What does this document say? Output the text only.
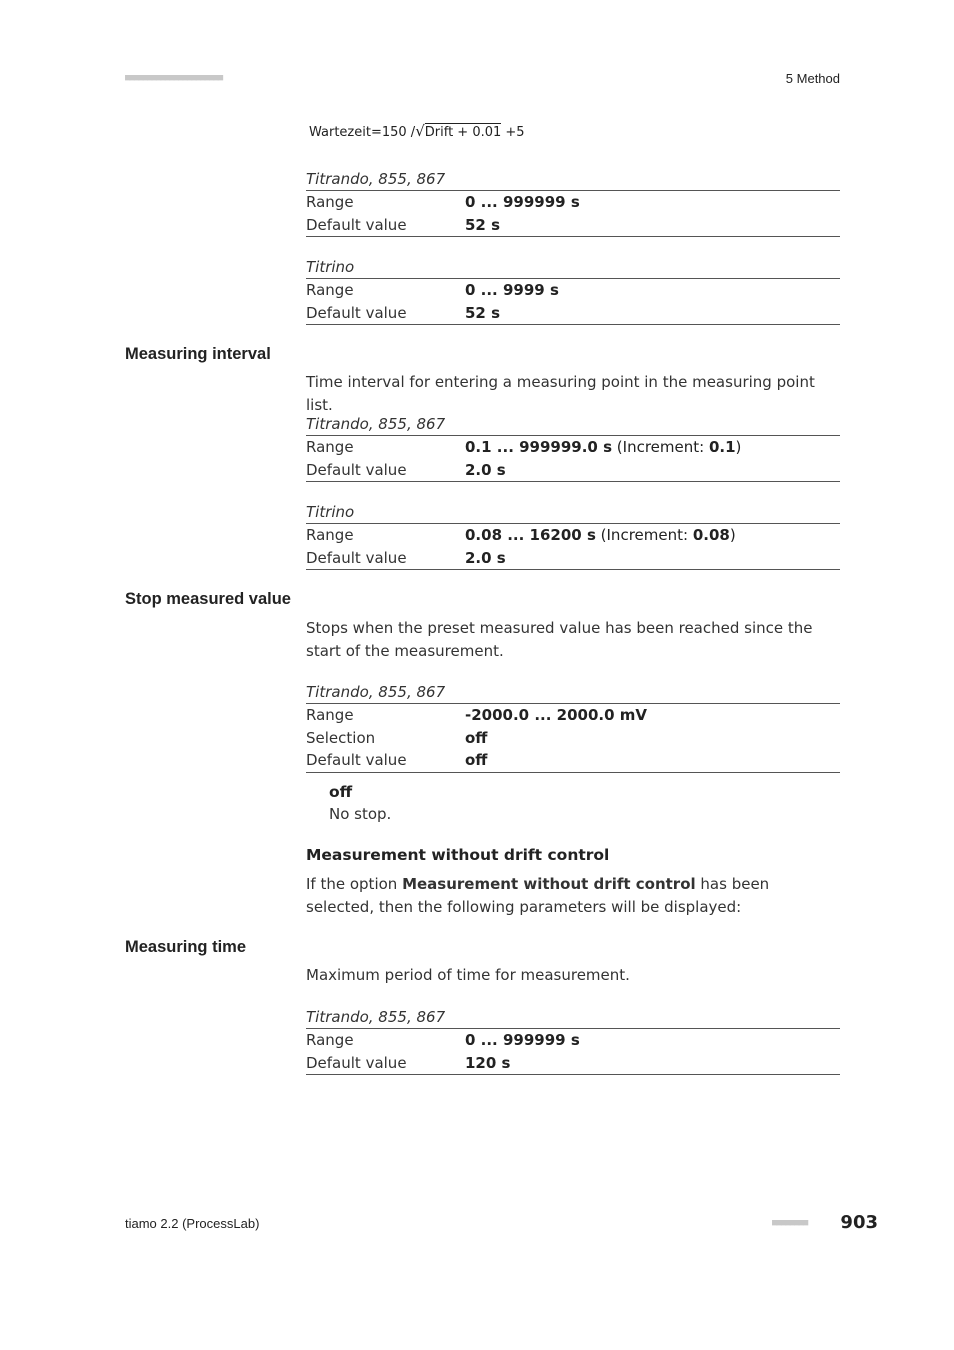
■■■■■■■■■■■■■■■■■■■■■■	5 Method
Wartezeit=150 /√Drift + 0.01 +5
Titrando, 855, 867
Range	0 ... 999999 s
Default value	52 s
Titrino
Range	0 ... 9999 s
Default value	52 s
Measuring interval
Time interval for entering a measuring point in the measuring point list.
Titrando, 855, 867
Range	0.1 ... 999999.0 s (Increment: 0.1)
Default value	2.0 s
Titrino
Range	0.08 ... 16200 s (Increment: 0.08)
Default value	2.0 s
Stop measured value
Stops when the preset measured value has been reached since the start of the measurement.
Titrando, 855, 867
Range	-2000.0 ... 2000.0 mV
Selection	off
Default value	off
off
No stop.
Measurement without drift control
If the option Measurement without drift control has been selected, then the following parameters will be displayed:
Measuring time
Maximum period of time for measurement.
Titrando, 855, 867
Range	0 ... 999999 s
Default value	120 s
tiamo 2.2 (ProcessLab)	■■■■■■■■ 903
